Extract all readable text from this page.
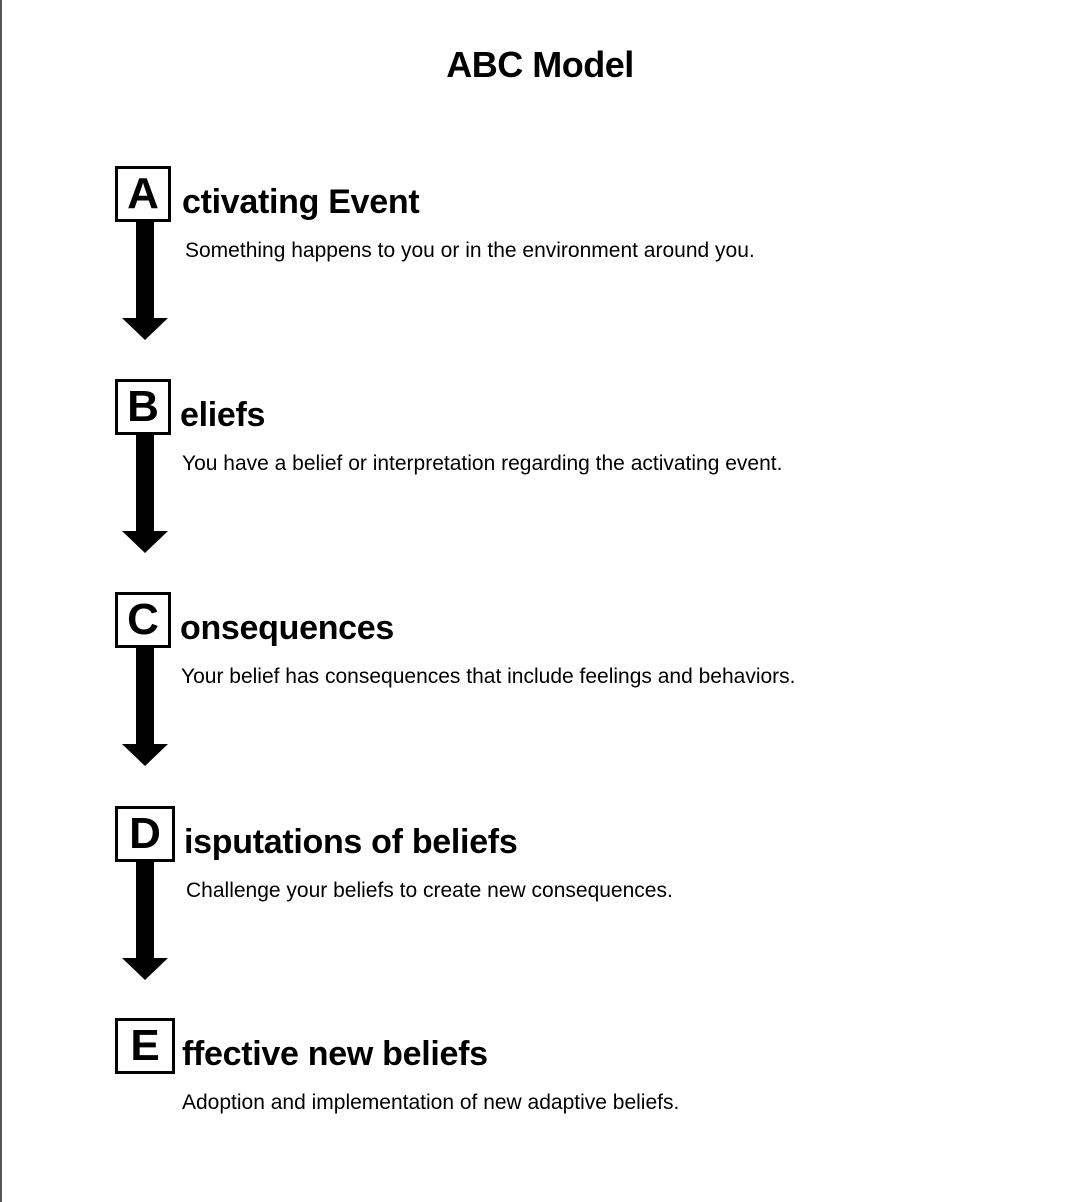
ABC Model
A ctivating Event
Something happens to you or in the environment around you.
B eliefs
You have a belief or interpretation regarding the activating event.
C onsequences
Your belief has consequences that include feelings and behaviors.
D isputations of beliefs
Challenge your beliefs to create new consequences.
E ffective new beliefs
Adoption and implementation of new adaptive beliefs.
